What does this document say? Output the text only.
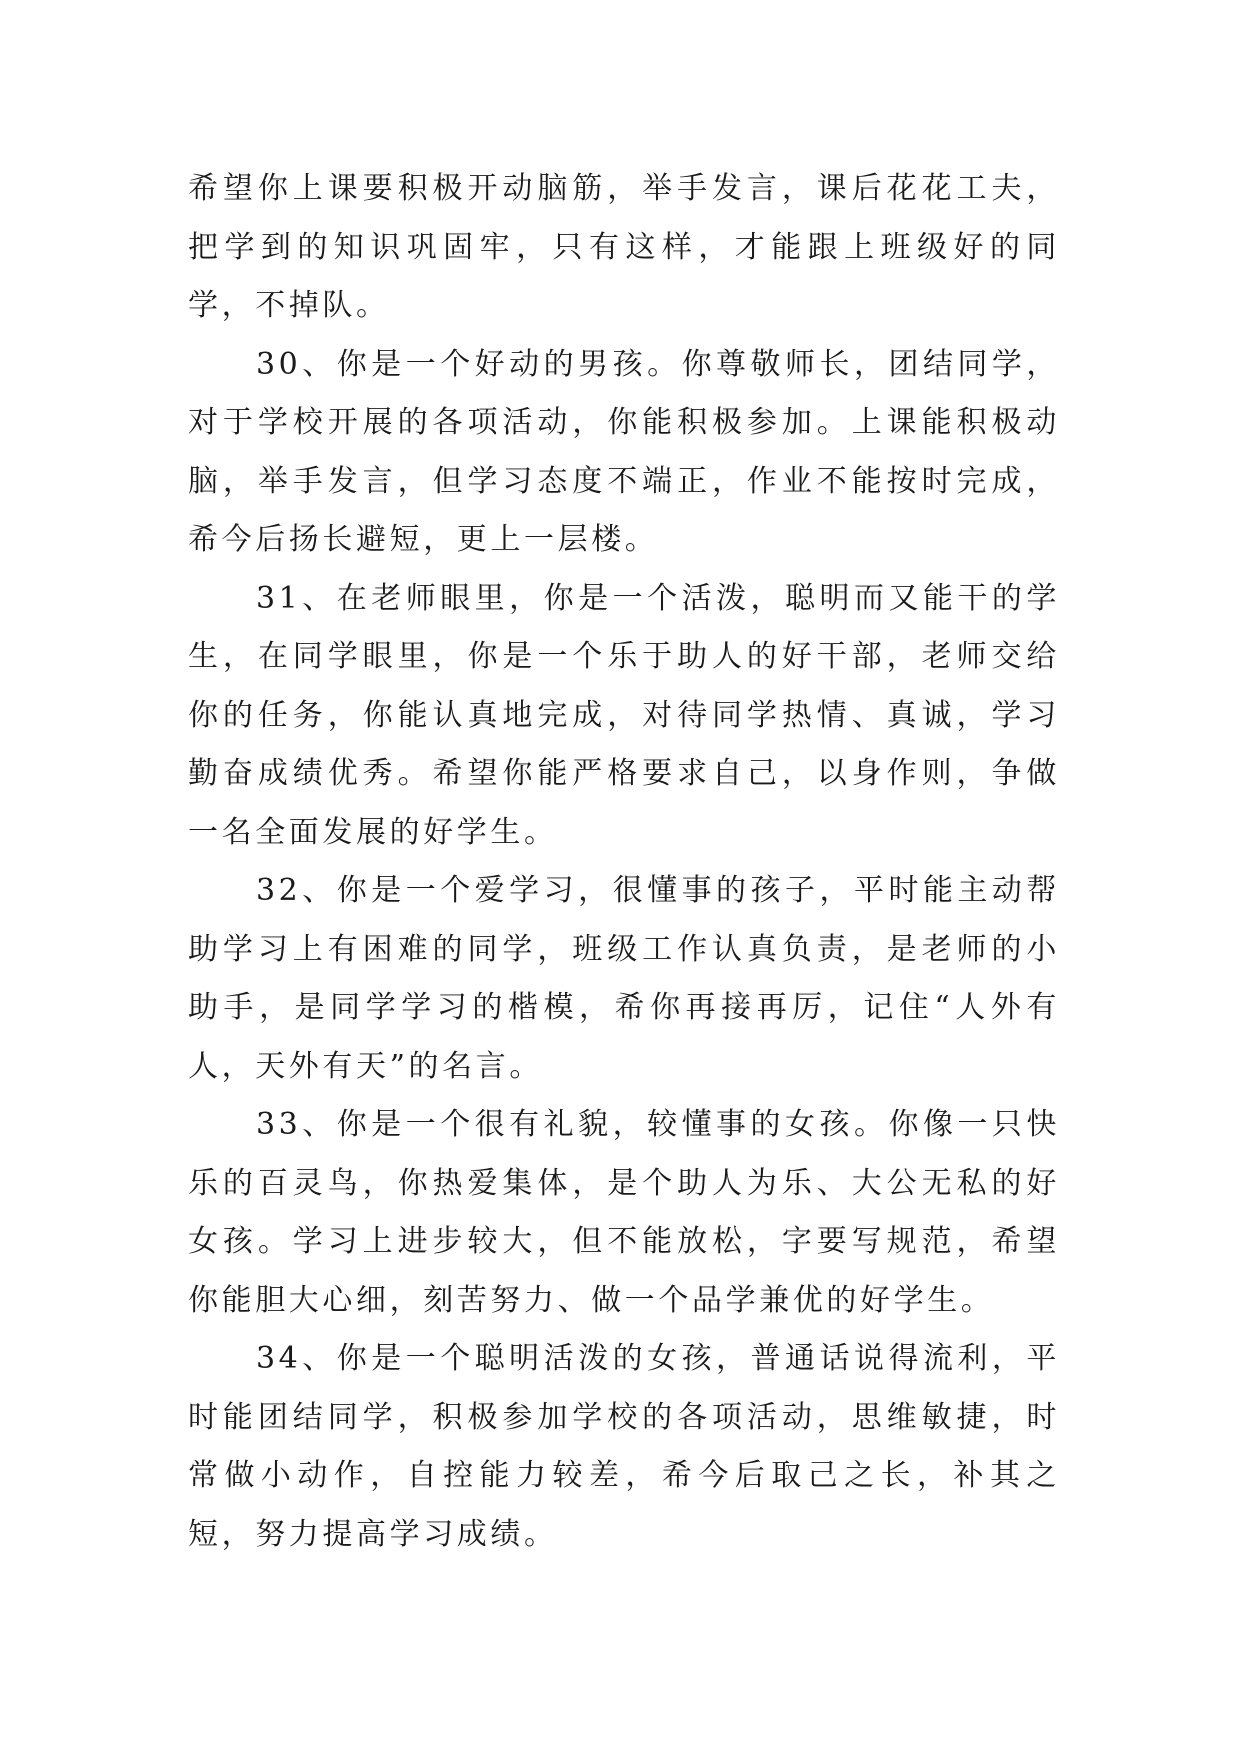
希望你上课要积极开动脑筋，举手发言，课后花花工夫，把学到的知识巩固牢，只有这样，才能跟上班级好的同学，不掉队。

30、你是一个好动的男孩。你尊敬师长，团结同学，对于学校开展的各项活动，你能积极参加。上课能积极动脑，举手发言，但学习态度不端正，作业不能按时完成，希今后扬长避短，更上一层楼。

31、在老师眼里，你是一个活泼，聪明而又能干的学生，在同学眼里，你是一个乐于助人的好干部，老师交给你的任务，你能认真地完成，对待同学热情、真诚，学习勤奋成绩优秀。希望你能严格要求自己，以身作则，争做一名全面发展的好学生。

32、你是一个爱学习，很懂事的孩子，平时能主动帮助学习上有困难的同学，班级工作认真负责，是老师的小助手，是同学学习的楷模，希你再接再厉，记住“人外有人，天外有天”的名言。

33、你是一个很有礼貌，较懂事的女孩。你像一只快乐的百灵鸟，你热爱集体，是个助人为乐、大公无私的好女孩。学习上进步较大，但不能放松，字要写规范，希望你能胆大心细，刻苦努力、做一个品学兼优的好学生。

34、你是一个聪明活泼的女孩，普通话说得流利，平时能团结同学，积极参加学校的各项活动，思维敏捷，时常做小动作，自控能力较差，希今后取己之长，补其之短，努力提高学习成绩。
